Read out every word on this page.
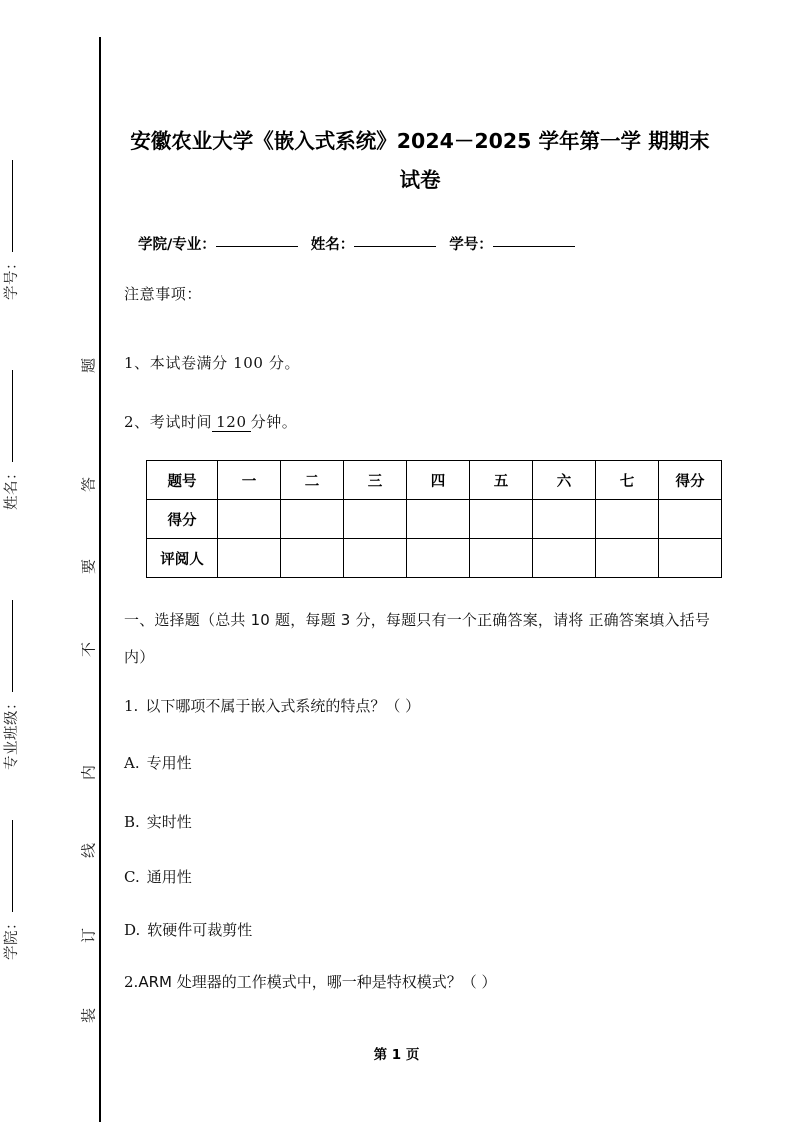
学号：
姓名：
专业班级：
学院：
题
答
要
不
内
线
订
装
安徽农业大学《嵌入式系统》2024－2025 学年第一学 期期末试卷
学院/专业：	姓名：	学号：
注意事项：
1、本试卷满分 100 分。
2、考试时间 120 分钟。
题号	一	二	三	四	五	六	七	得分
得分								
评阅人								
一、选择题（总共 10 题，每题 3 分，每题只有一个正确答案，请将 正确答案填入括号内）
1. 以下哪项不属于嵌入式系统的特点？（ ）
A. 专用性
B. 实时性
C. 通用性
D. 软硬件可裁剪性
2.ARM 处理器的工作模式中，哪一种是特权模式？（ ）
第 1 页
